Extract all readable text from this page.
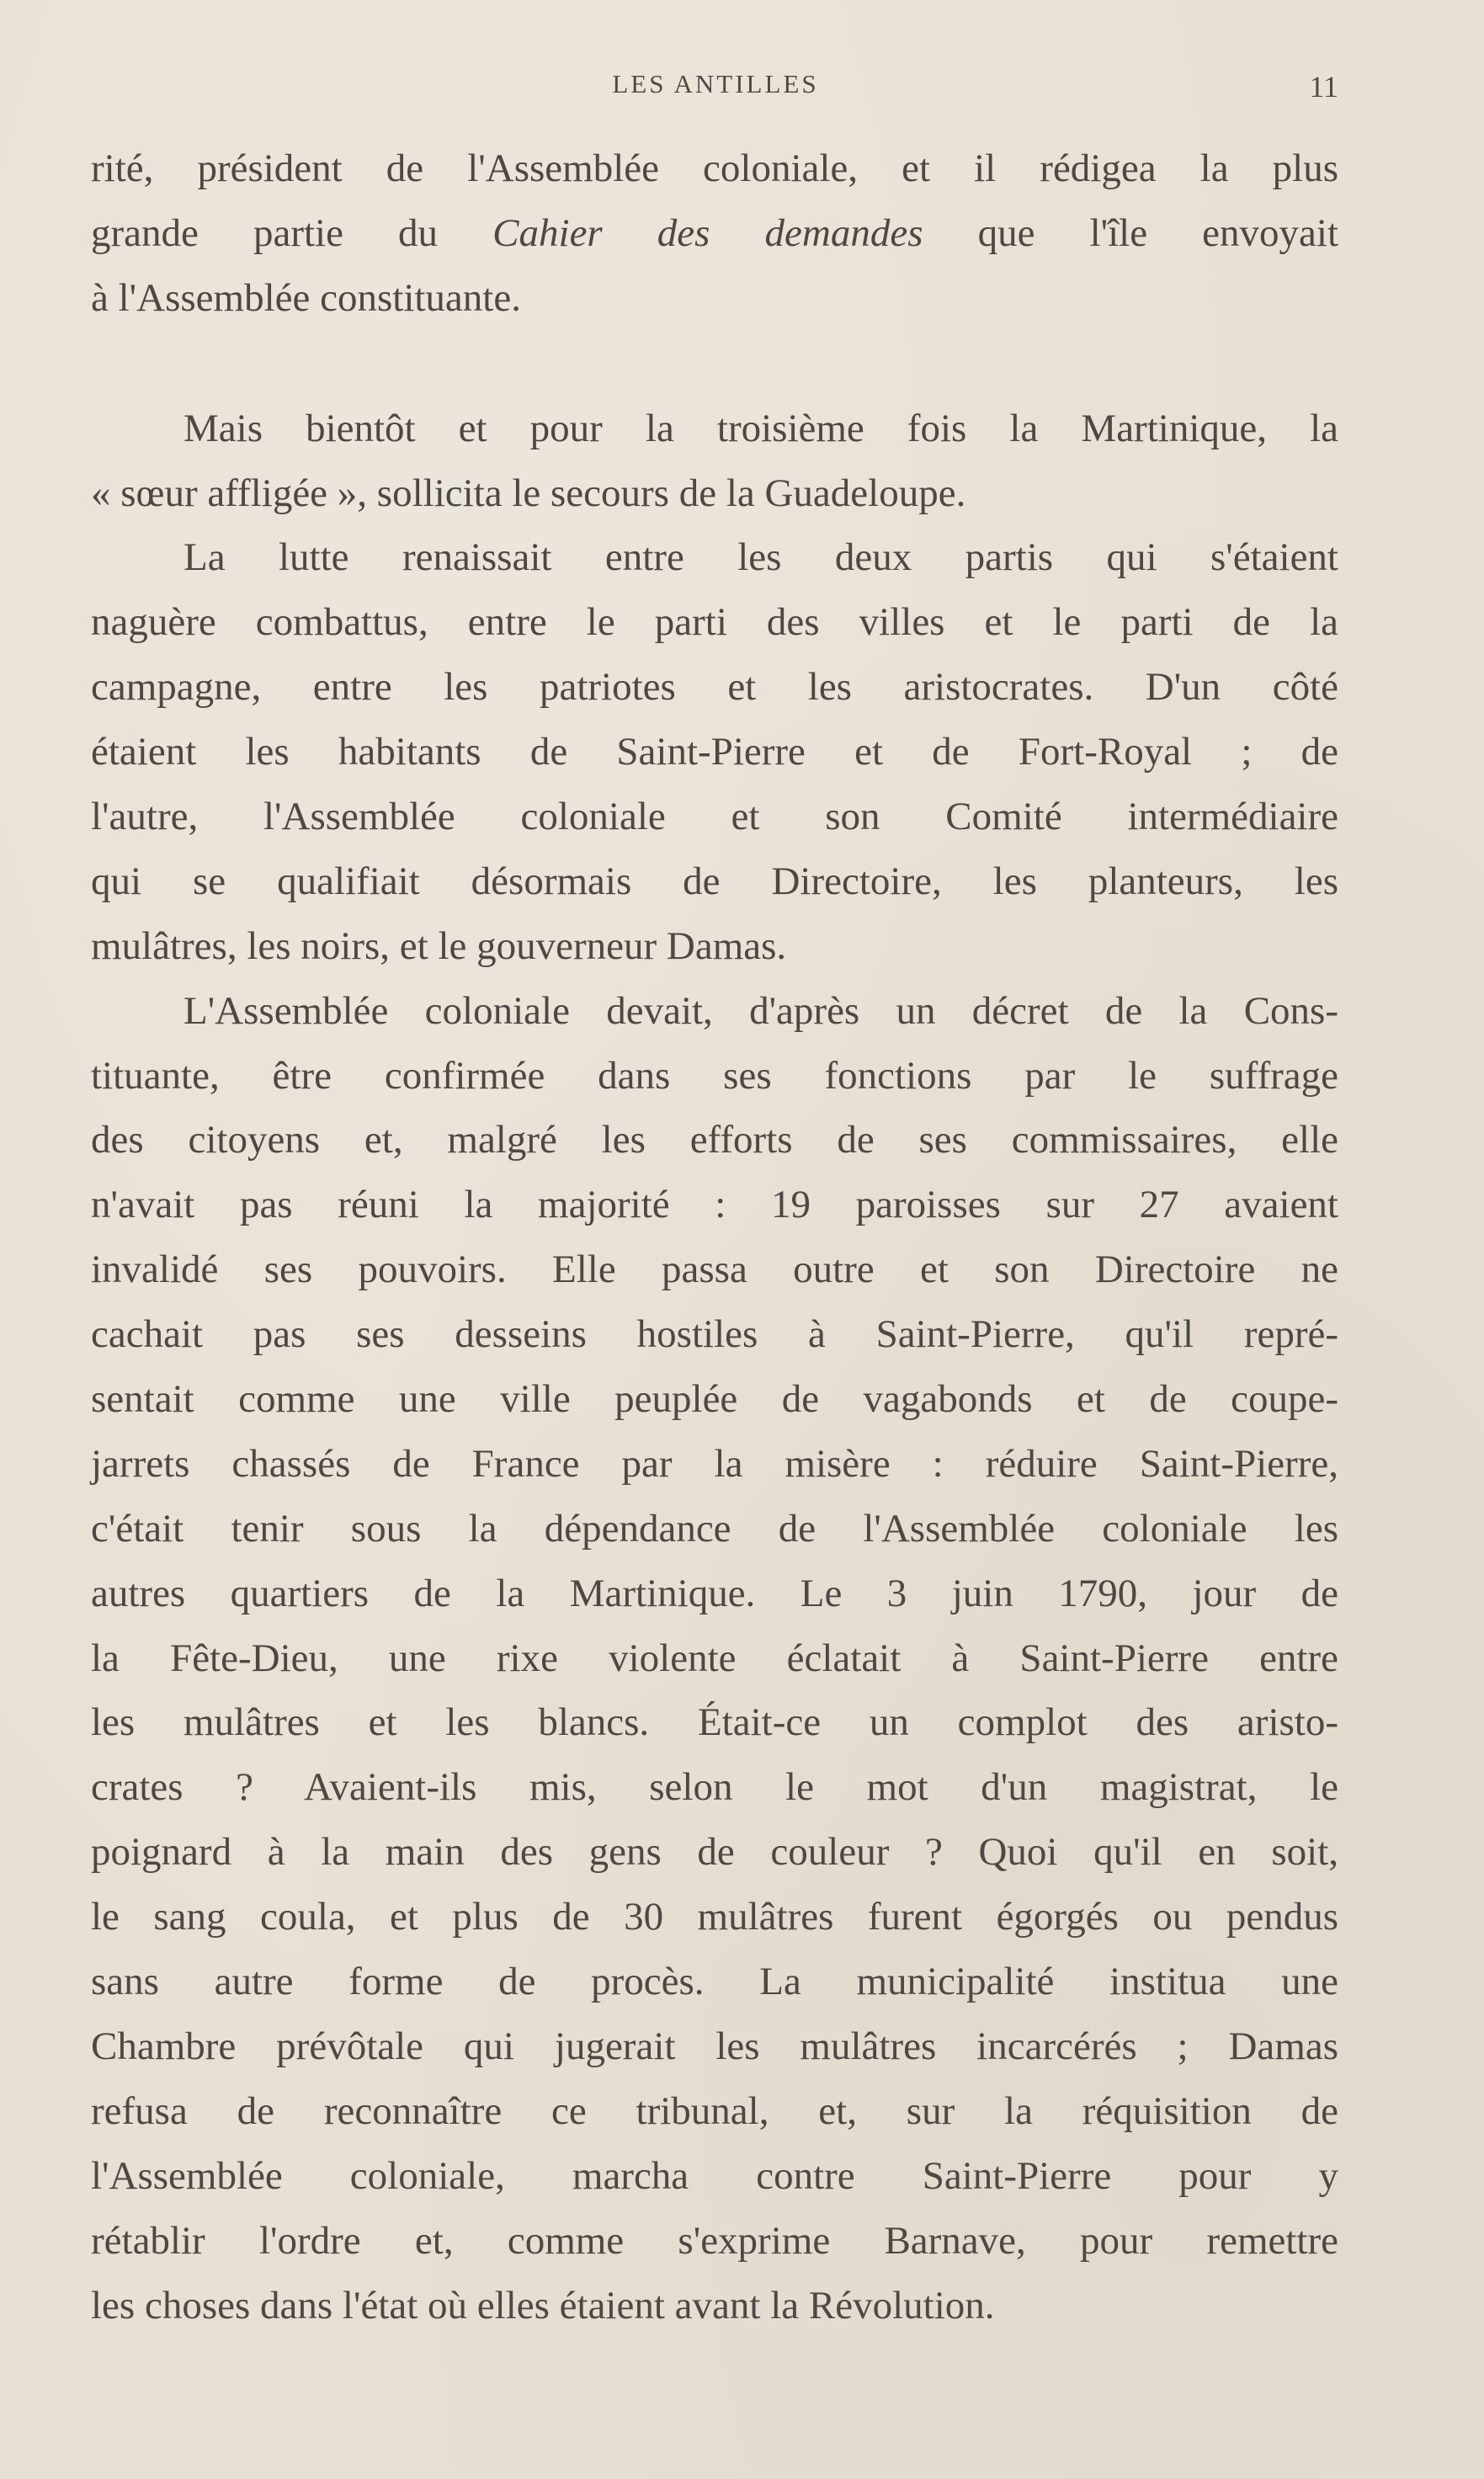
LES ANTILLES	11
rité, président de l'Assemblée coloniale, et il rédigea la plus
grande partie du Cahier des demandes que l'île envoyait
à l'Assemblée constituante.
Mais bientôt et pour la troisième fois la Martinique, la
« sœur affligée », sollicita le secours de la Guadeloupe.
La lutte renaissait entre les deux partis qui s'étaient
naguère combattus, entre le parti des villes et le parti de la
campagne, entre les patriotes et les aristocrates. D'un côté
étaient les habitants de Saint-Pierre et de Fort-Royal ; de
l'autre, l'Assemblée coloniale et son Comité intermédiaire
qui se qualifiait désormais de Directoire, les planteurs, les
mulâtres, les noirs, et le gouverneur Damas.
L'Assemblée coloniale devait, d'après un décret de la Cons-
tituante, être confirmée dans ses fonctions par le suffrage
des citoyens et, malgré les efforts de ses commissaires, elle
n'avait pas réuni la majorité : 19 paroisses sur 27 avaient
invalidé ses pouvoirs. Elle passa outre et son Directoire ne
cachait pas ses desseins hostiles à Saint-Pierre, qu'il repré-
sentait comme une ville peuplée de vagabonds et de coupe-
jarrets chassés de France par la misère : réduire Saint-Pierre,
c'était tenir sous la dépendance de l'Assemblée coloniale les
autres quartiers de la Martinique. Le 3 juin 1790, jour de
la Fête-Dieu, une rixe violente éclatait à Saint-Pierre entre
les mulâtres et les blancs. Était-ce un complot des aristo-
crates ? Avaient-ils mis, selon le mot d'un magistrat, le
poignard à la main des gens de couleur ? Quoi qu'il en soit,
le sang coula, et plus de 30 mulâtres furent égorgés ou pendus
sans autre forme de procès. La municipalité institua une
Chambre prévôtale qui jugerait les mulâtres incarcérés ; Damas
refusa de reconnaître ce tribunal, et, sur la réquisition de
l'Assemblée coloniale, marcha contre Saint-Pierre pour y
rétablir l'ordre et, comme s'exprime Barnave, pour remettre
les choses dans l'état où elles étaient avant la Révolution.
